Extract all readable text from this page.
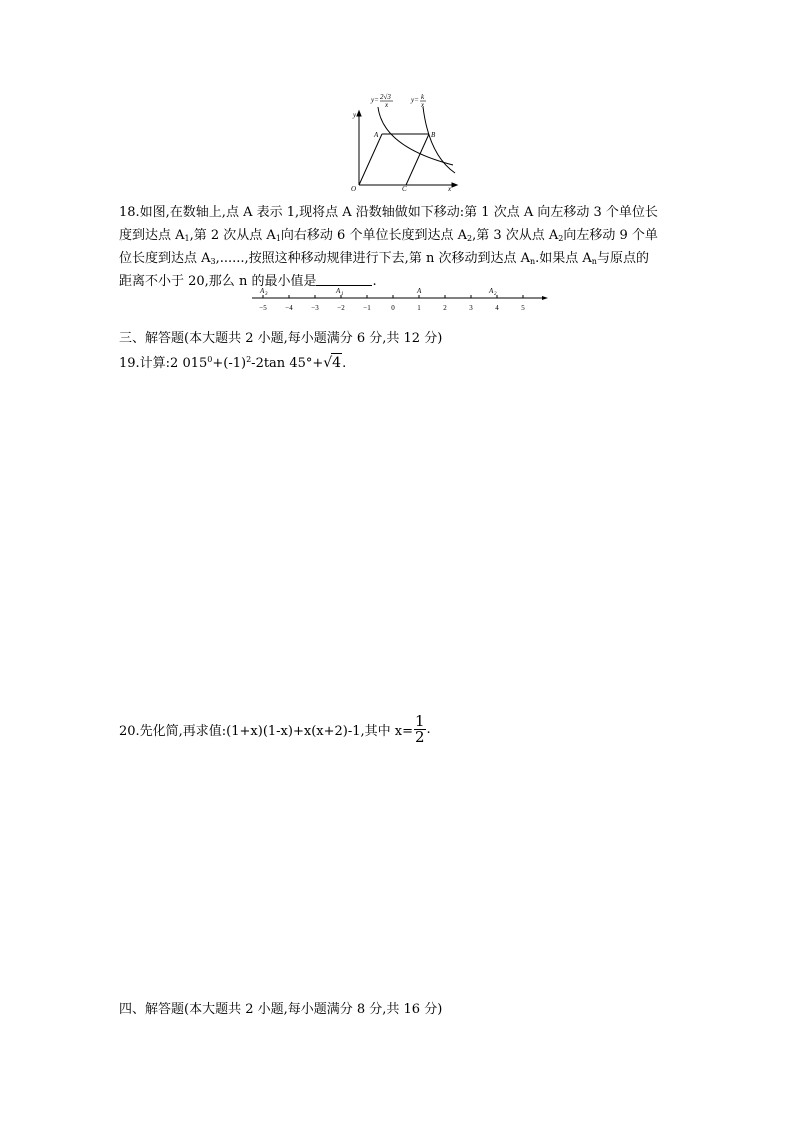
y= 2√3
x
y= k
x
y
x
O
A	B
C
18.如图,在数轴上,点 A 表示 1,现将点 A 沿数轴做如下移动:第 1 次点 A 向左移动 3 个单位长
度到达点 $A_1$,第 2 次从点 $A_1$向右移动 6 个单位长度到达点 $A_2$,第 3 次从点 $A_2$向左移动 9 个单
位长度到达点 $A_3$,......,按照这种移动规律进行下去,第 n 次移动到达点 $A_n$.如果点 $A_n$与原点的
距离不小于 20,那么 n 的最小值是	.
−5	−4	−3	−2	−1	0	1	2	3	4	5
A 3	A 1	A	A 2
三、解答题(本大题共 2 小题,每小题满分 6 分,共 12 分)
19.计算:2 $015^0+(-1)^2-2\tan$ 45°+√4.
20.先化简,再求值:(1+x)(1-x)+x(x+2)-1,其中 $x= \frac{1}{2}$ .
四、解答题(本大题共 2 小题,每小题满分 8 分,共 16 分)
